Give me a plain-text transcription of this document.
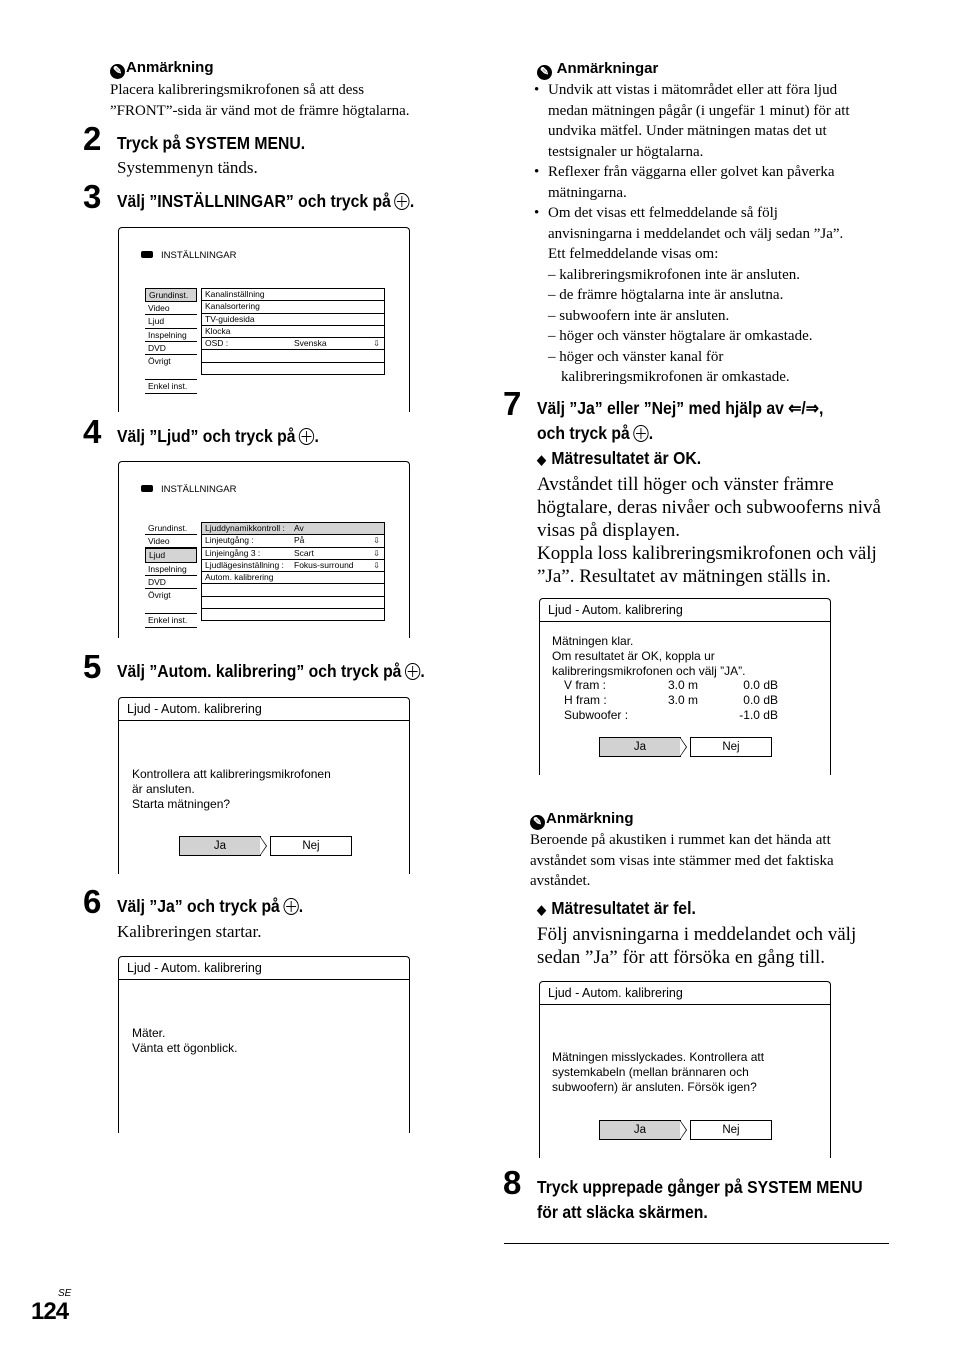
✎ Anmärkning
Placera kalibreringsmikrofonen så att dess
”FRONT”-sida är vänd mot de främre högtalarna.
2 Tryck på SYSTEM MENU.
Systemmenyn tänds.
3 Välj ”INSTÄLLNINGAR” och tryck på .
INSTÄLLNINGAR
Grundinst.
Video
Ljud
Inspelning
DVD
Övrigt
Enkel inst.
Kanalinställning
Kanalsortering
TV-guidesida
Klocka
OSD :	Svenska	⇩
4 Välj ”Ljud” och tryck på .
INSTÄLLNINGAR
Grundinst.
Video
Ljud
Inspelning
DVD
Övrigt
Enkel inst.
Ljuddynamikkontroll : Av
Linjeutgång :	På	⇩
Linjeingång 3 :	Scart	⇩
Ljudlägesinställning : Fokus-surround ⇩
Autom. kalibrering
5 Välj ”Autom. kalibrering” och tryck på .
Ljud - Autom. kalibrering
Kontrollera att kalibreringsmikrofonen
är ansluten.
Starta mätningen?
Ja	Nej
6 Välj ”Ja” och tryck på .
Kalibreringen startar.
Ljud - Autom. kalibrering
Mäter.
Vänta ett ögonblick.
✎ Anmärkningar
• Undvik att vistas i mätområdet eller att föra ljud
medan mätningen pågår (i ungefär 1 minut) för att
undvika mätfel. Under mätningen matas det ut
testsignaler ur högtalarna.
• Reflexer från väggarna eller golvet kan påverka
mätningarna.
• Om det visas ett felmeddelande så följ
anvisningarna i meddelandet och välj sedan ”Ja”.
Ett felmeddelande visas om:
– kalibreringsmikrofonen inte är ansluten.
– de främre högtalarna inte är anslutna.
– subwoofern inte är ansluten.
– höger och vänster högtalare är omkastade.
– höger och vänster kanal för
kalibreringsmikrofonen är omkastade.
7 Välj ”Ja” eller ”Nej” med hjälp av ⇐/⇒,
och tryck på .
◆ Mätresultatet är OK.
Avståndet till höger och vänster främre
högtalare, deras nivåer och subwooferns nivå
visas på displayen.
Koppla loss kalibreringsmikrofonen och välj
”Ja”. Resultatet av mätningen ställs in.
Ljud - Autom. kalibrering
Mätningen klar.
Om resultatet är OK, koppla ur
kalibreringsmikrofonen och välj ”JA”.
V fram :	3.0 m	0.0 dB
H fram :	3.0 m	0.0 dB
Subwoofer :		-1.0 dB
Ja	Nej
✎ Anmärkning
Beroende på akustiken i rummet kan det hända att
avståndet som visas inte stämmer med det faktiska
avståndet.
◆ Mätresultatet är fel.
Följ anvisningarna i meddelandet och välj
sedan ”Ja” för att försöka en gång till.
Ljud - Autom. kalibrering
Mätningen misslyckades. Kontrollera att
systemkabeln (mellan brännaren och
subwoofern) är ansluten. Försök igen?
Ja	Nej
8 Tryck upprepade gånger på SYSTEM MENU
för att släcka skärmen.
SE
124
